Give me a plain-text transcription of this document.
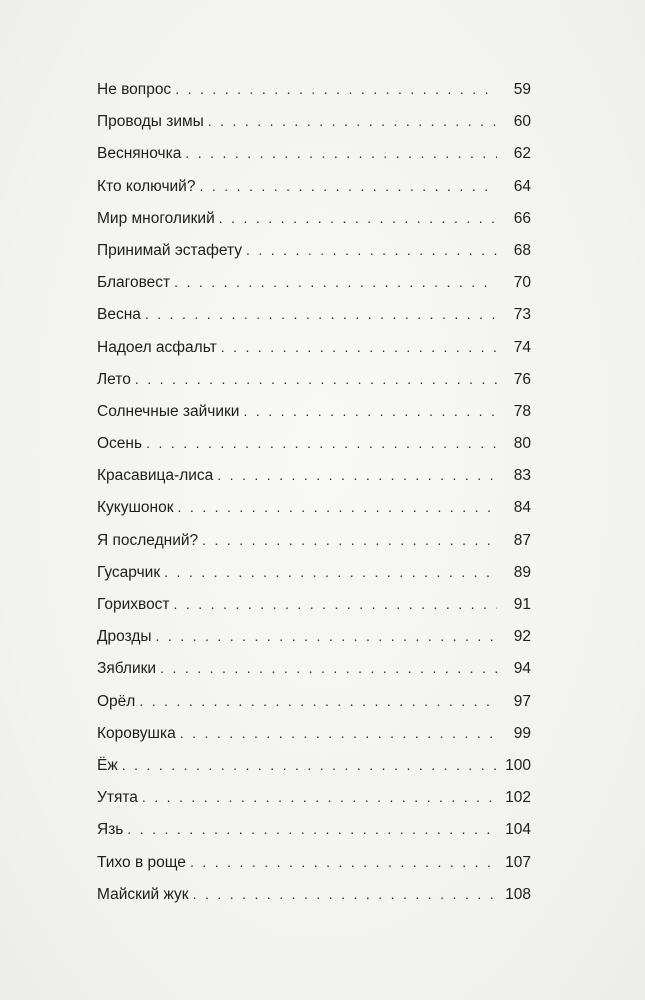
Не вопрос . . .	59
Проводы зимы . . .	60
Весняночка . . .	62
Кто колючий? . . .	64
Мир многоликий . . .	66
Принимай эстафету . . .	68
Благовест . . .	70
Весна . . .	73
Надоел асфальт . . .	74
Лето . . .	76
Солнечные зайчики . . .	78
Осень . . .	80
Красавица-лиса . . .	83
Кукушонок . . .	84
Я последний? . . .	87
Гусарчик . . .	89
Горихвост . . .	91
Дрозды . . .	92
Зяблики . . .	94
Орёл . . .	97
Коровушка . . .	99
Ёж . . .	100
Утята . . .	102
Язь . . .	104
Тихо в роще . . .	107
Майский жук . . .	108
